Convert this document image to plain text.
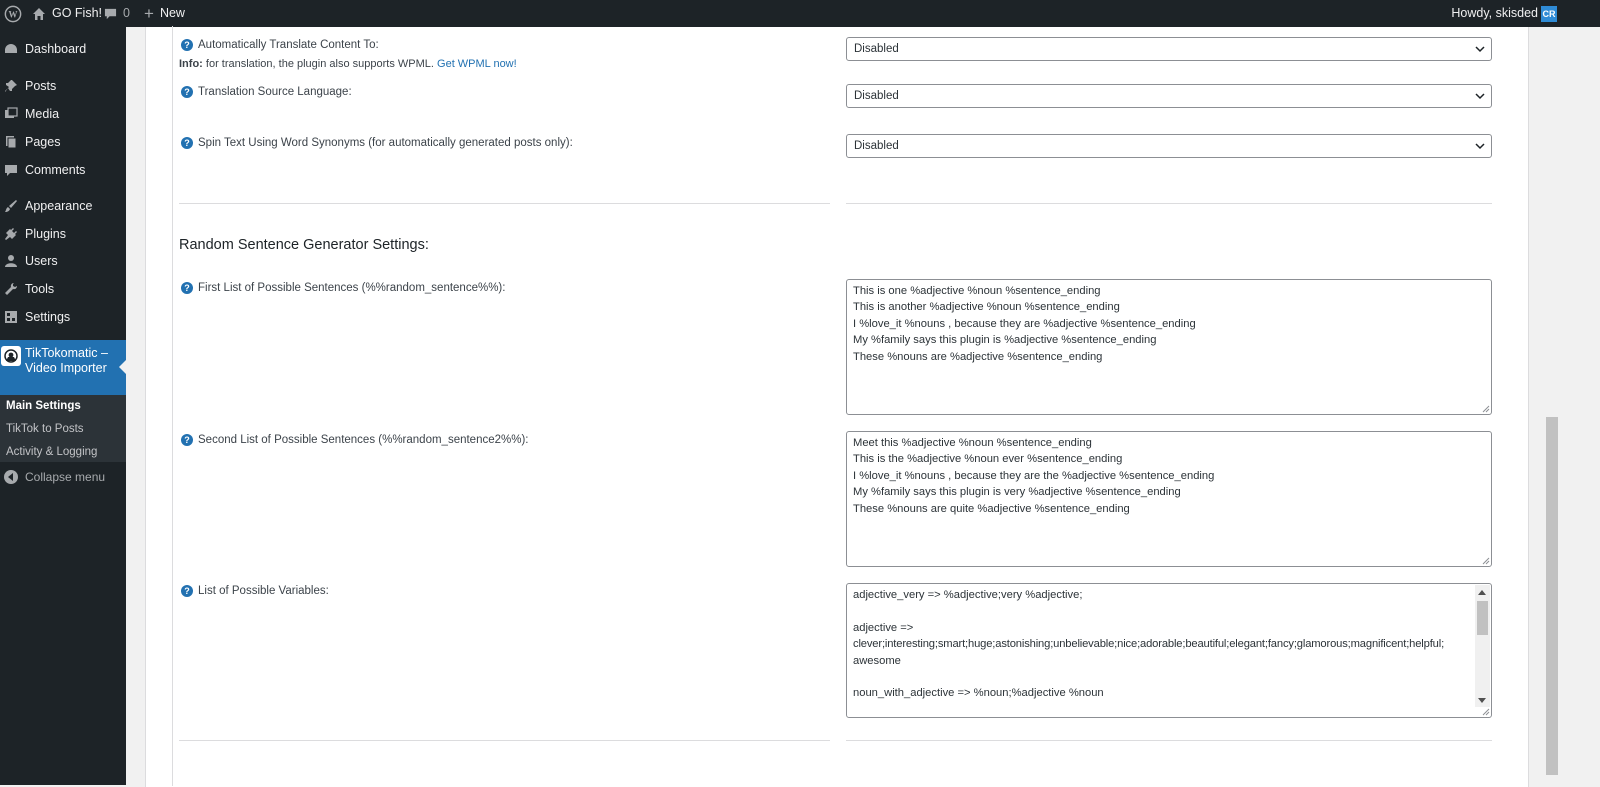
W	GO Fish! 0 + New	Howdy, skisded CR
Dashboard
Posts
Media
Pages
Comments
Appearance
Plugins
Users
Tools
Settings
TikTokomatic –
Video Importer
Main Settings
TikTok to Posts
Activity & Logging
Collapse menu
? Automatically Translate Content To:
Info: for translation, the plugin also supports WPML. Get WPML now!
Disabled
? Translation Source Language:	Disabled
? Spin Text Using Word Synonyms (for automatically generated posts only):	Disabled
Random Sentence Generator Settings:
? First List of Possible Sentences (%%random_sentence%%):	This is one %adjective %noun %sentence_ending
This is another %adjective %noun %sentence_ending
I %love_it %nouns , because they are %adjective %sentence_ending
My %family says this plugin is %adjective %sentence_ending
These %nouns are %adjective %sentence_ending
? Second List of Possible Sentences (%%random_sentence2%%):	Meet this %adjective %noun %sentence_ending
This is the %adjective %noun ever %sentence_ending
I %love_it %nouns , because they are the %adjective %sentence_ending
My %family says this plugin is very %adjective %sentence_ending
These %nouns are quite %adjective %sentence_ending
? List of Possible Variables:	adjective_very => %adjective;very %adjective;
adjective =>
clever;interesting;smart;huge;astonishing;unbelievable;nice;adorable;beautiful;elegant;fancy;glamorous;magnificent;helpful;
awesome
noun_with_adjective => %noun;%adjective %noun
